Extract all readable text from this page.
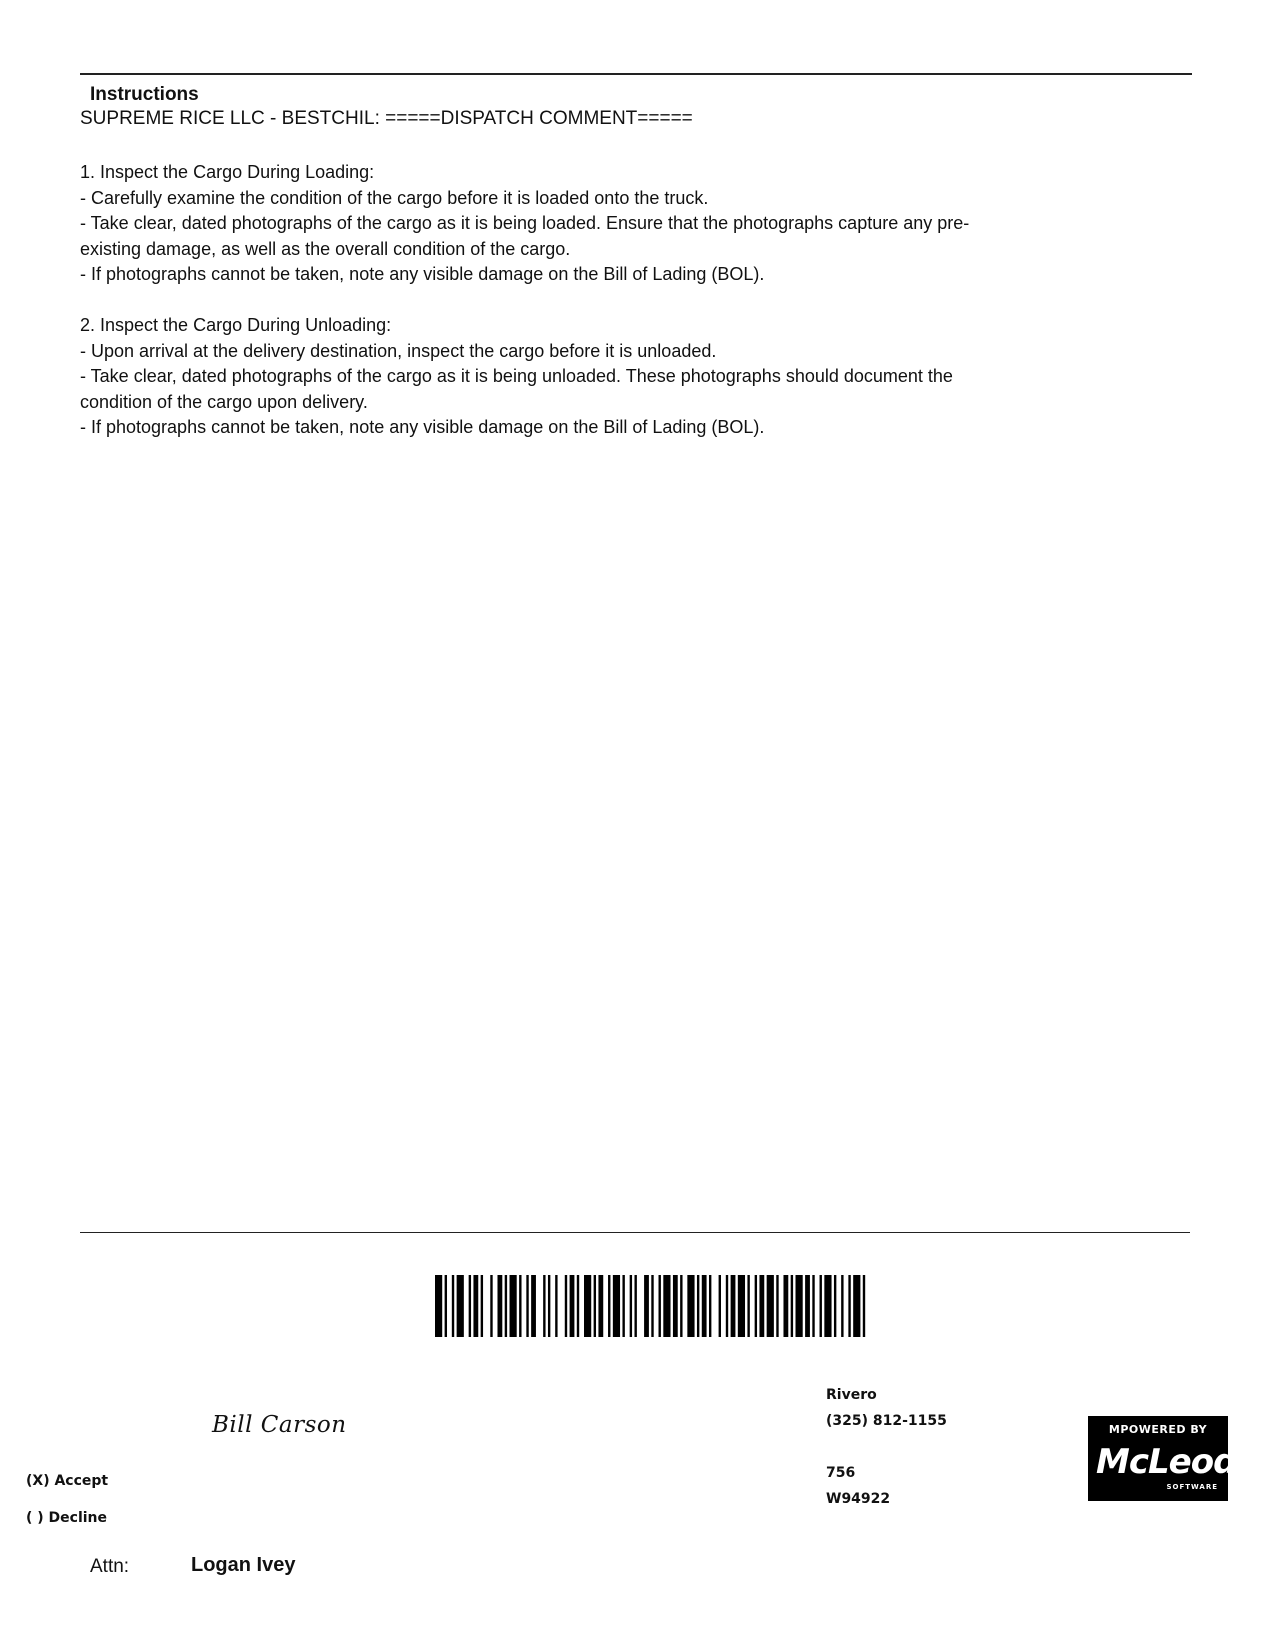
Instructions
SUPREME RICE LLC - BESTCHIL: =====DISPATCH COMMENT=====
1. Inspect the Cargo During Loading:
- Carefully examine the condition of the cargo before it is loaded onto the truck.
- Take clear, dated photographs of the cargo as it is being loaded. Ensure that the photographs capture any pre-
existing damage, as well as the overall condition of the cargo.
- If photographs cannot be taken, note any visible damage on the Bill of Lading (BOL).
2. Inspect the Cargo During Unloading:
- Upon arrival at the delivery destination, inspect the cargo before it is unloaded.
- Take clear, dated photographs of the cargo as it is being unloaded. These photographs should document the
condition of the cargo upon delivery.
- If photographs cannot be taken, note any visible damage on the Bill of Lading (BOL).
Bill Carson
(X) Accept
( ) Decline
Attn:	Logan Ivey
Rivero
(325) 812-1155
756
W94922
MPOWERED BY
McLeod
SOFTWARE
